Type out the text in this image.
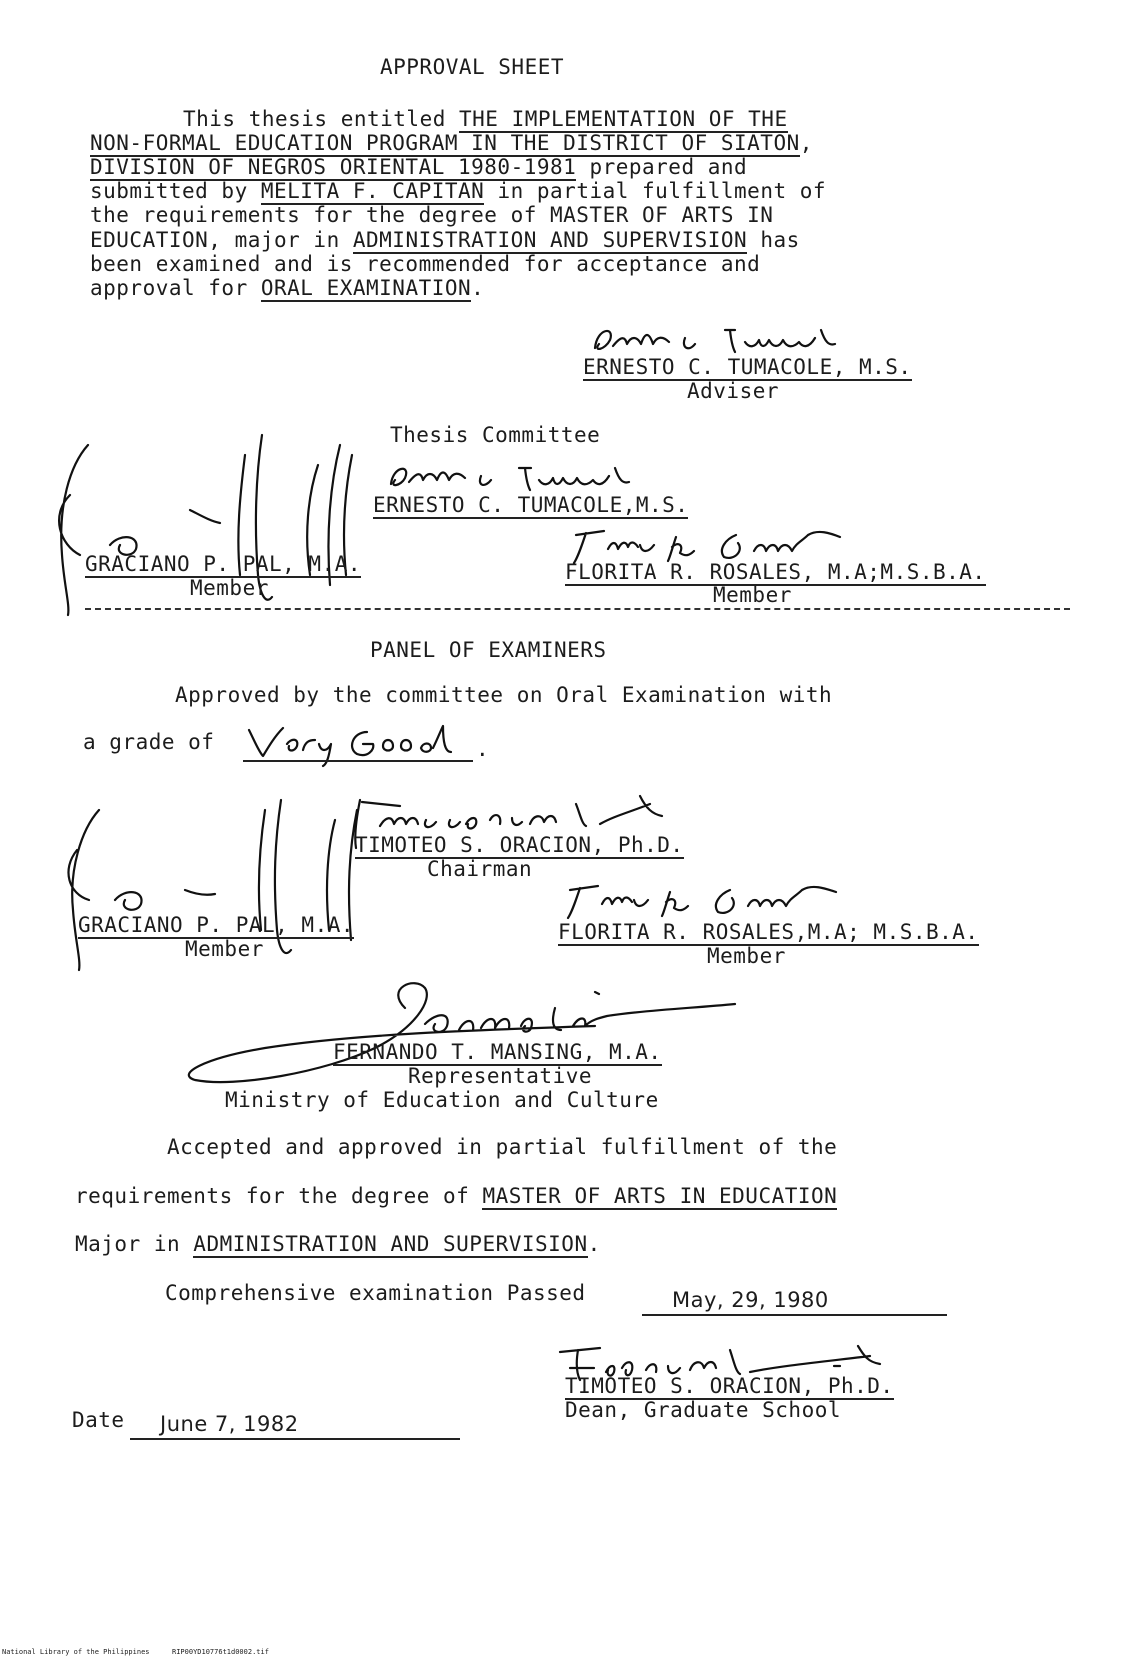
APPROVAL SHEET
This thesis entitled THE IMPLEMENTATION OF THE
NON-FORMAL EDUCATION PROGRAM IN THE DISTRICT OF SIATON,
DIVISION OF NEGROS ORIENTAL 1980-1981 prepared and
submitted by MELITA F. CAPITAN in partial fulfillment of
the requirements for the degree of MASTER OF ARTS IN
EDUCATION, major in ADMINISTRATION AND SUPERVISION has
been examined and is recommended for acceptance and
approval for ORAL EXAMINATION.
ERNESTO C. TUMACOLE, M.S.
Adviser
Thesis Committee
ERNESTO C. TUMACOLE,M.S.
GRACIANO P. PAL, M.A.
Member
FLORITA R. ROSALES, M.A;M.S.B.A.
Member
PANEL OF EXAMINERS
Approved by the committee on Oral Examination with
a grade of	.
TIMOTEO S. ORACION, Ph.D.
Chairman
GRACIANO P. PAL, M.A.
Member
FLORITA R. ROSALES,M.A; M.S.B.A.
Member
FERNANDO T. MANSING, M.A.
Representative
Ministry of Education and Culture
Accepted and approved in partial fulfillment of the
requirements for the degree of MASTER OF ARTS IN EDUCATION
Major in ADMINISTRATION AND SUPERVISION.
Comprehensive examination Passed	May, 29, 1980
TIMOTEO S. ORACION, Ph.D.
Dean, Graduate School
Date June 7, 1982
National Library of the Philippines	RIP00YD10776t1d0002.tif
